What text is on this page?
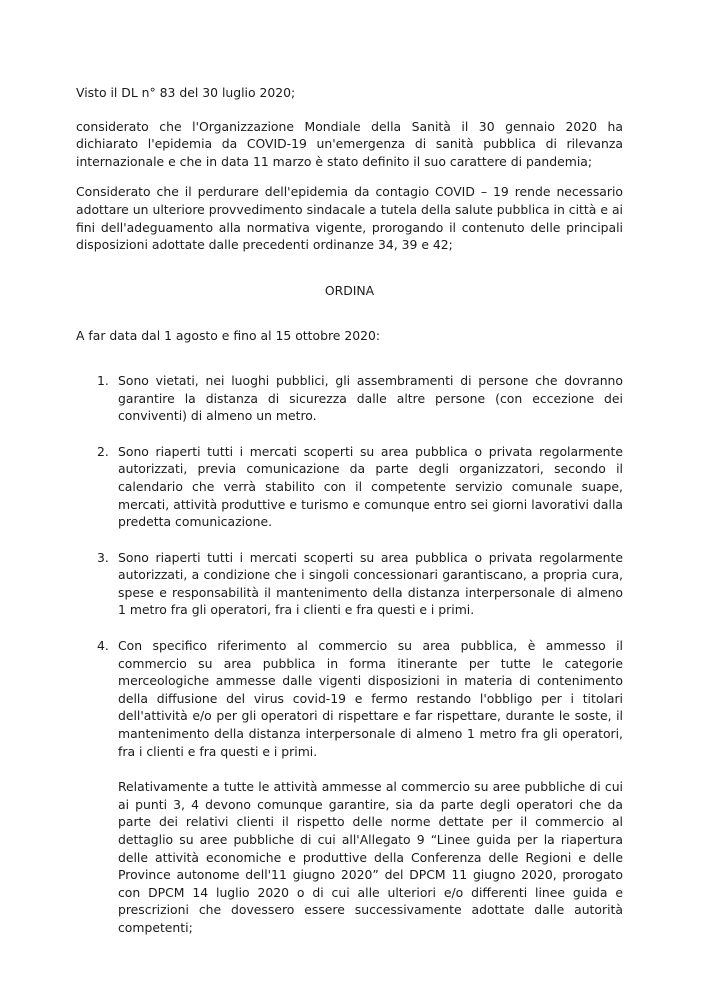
Visto il DL n° 83 del 30 luglio 2020;

considerato che l'Organizzazione Mondiale della Sanità il 30 gennaio 2020 ha dichiarato l'epidemia da COVID-19 un'emergenza di sanità pubblica di rilevanza internazionale e che in data 11 marzo è stato definito il suo carattere di pandemia;

Considerato che il perdurare dell'epidemia da contagio COVID – 19 rende necessario adottare un ulteriore provvedimento sindacale a tutela della salute pubblica in città e ai fini dell'adeguamento alla normativa vigente, prorogando il contenuto delle principali disposizioni adottate dalle precedenti ordinanze 34, 39 e 42;

ORDINA

A far data dal 1 agosto e fino al 15 ottobre 2020:

1. Sono vietati, nei luoghi pubblici, gli assembramenti di persone che dovranno garantire la distanza di sicurezza dalle altre persone (con eccezione dei conviventi) di almeno un metro.
2. Sono riaperti tutti i mercati scoperti su area pubblica o privata regolarmente autorizzati, previa comunicazione da parte degli organizzatori, secondo il calendario che verrà stabilito con il competente servizio comunale suape, mercati, attività produttive e turismo e comunque entro sei giorni lavorativi dalla predetta comunicazione.
3. Sono riaperti tutti i mercati scoperti su area pubblica o privata regolarmente autorizzati, a condizione che i singoli concessionari garantiscano, a propria cura, spese e responsabilità il mantenimento della distanza interpersonale di almeno 1 metro fra gli operatori, fra i clienti e fra questi e i primi.
4. Con specifico riferimento al commercio su area pubblica, è ammesso il commercio su area pubblica in forma itinerante per tutte le categorie merceologiche ammesse dalle vigenti disposizioni in materia di contenimento della diffusione del virus covid-19 e fermo restando l'obbligo per i titolari dell'attività e/o per gli operatori di rispettare e far rispettare, durante le soste, il mantenimento della distanza interpersonale di almeno 1 metro fra gli operatori, fra i clienti e fra questi e i primi.

Relativamente a tutte le attività ammesse al commercio su aree pubbliche di cui ai punti 3, 4 devono comunque garantire, sia da parte degli operatori che da parte dei relativi clienti il rispetto delle norme dettate per il commercio al dettaglio su aree pubbliche di cui all'Allegato 9 “Linee guida per la riapertura delle attività economiche e produttive della Conferenza delle Regioni e delle Province autonome dell'11 giugno 2020” del DPCM 11 giugno 2020, prorogato con DPCM 14 luglio 2020 o di cui alle ulteriori e/o differenti linee guida e prescrizioni che dovessero essere successivamente adottate dalle autorità competenti;
